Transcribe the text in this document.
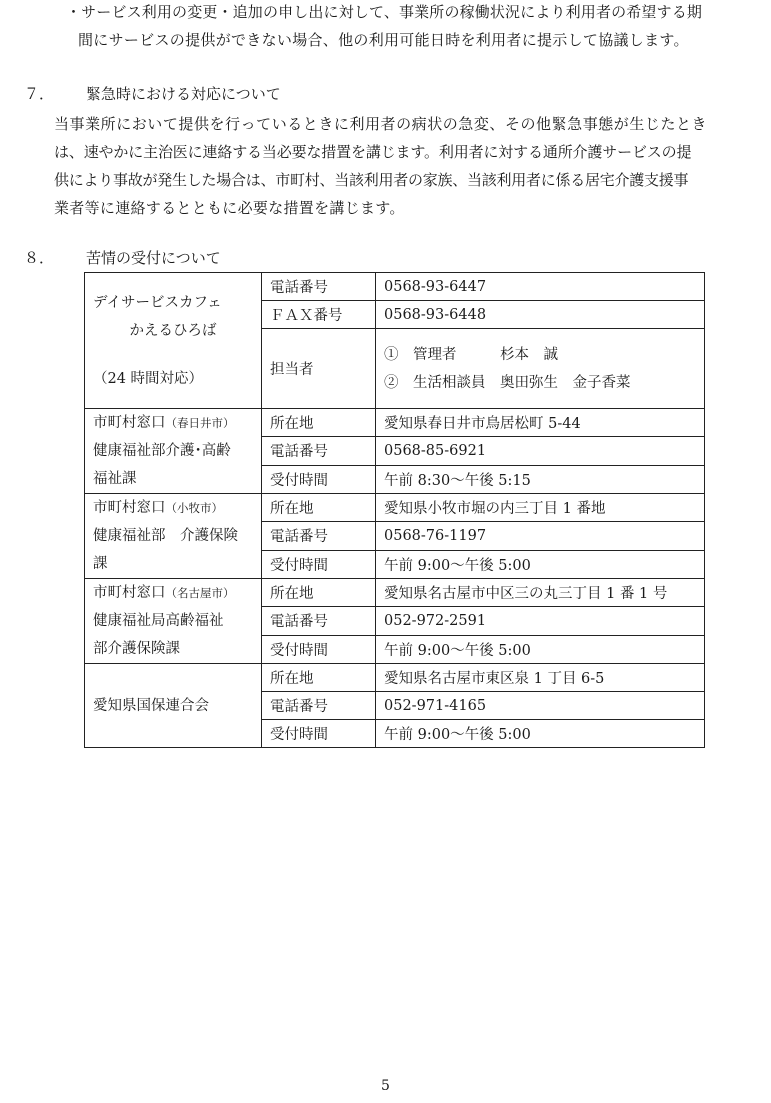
・サービス利用の変更・追加の申し出に対して、事業所の稼働状況により利用者の希望する期
間にサービスの提供ができない場合、他の利用可能日時を利用者に提示して協議します。
７． 緊急時における対応について
当事業所において提供を行っているときに利用者の病状の急変、その他緊急事態が生じたとき
は、速やかに主治医に連絡する当必要な措置を講じます。利用者に対する通所介護サービスの提
供により事故が発生した場合は、市町村、当該利用者の家族、当該利用者に係る居宅介護支援事
業者等に連絡するとともに必要な措置を講じます。
８． 苦情の受付について
デイサービスカフェ

かえるひろば
（24 時間対応）	電話番号	0568-93-6447
	ＦＡＸ番号	0568-93-6448
	担当者	①　管理者　　　杉本　誠
②　生活相談員　奥田弥生　金子香菜

市町村窓口（春日井市）
健康福祉部介護･高齢
福祉課	所在地	愛知県春日井市鳥居松町 5-44
	電話番号	0568-85-6921
	受付時間	午前 8:30～午後 5:15
市町村窓口（小牧市）
健康福祉部　介護保険
課	所在地	愛知県小牧市堀の内三丁目 1 番地
	電話番号	0568-76-1197
	受付時間	午前 9:00～午後 5:00
市町村窓口（名古屋市）
健康福祉局高齢福祉
部介護保険課	所在地	愛知県名古屋市中区三の丸三丁目 1 番 1 号
	電話番号	052-972-2591
	受付時間	午前 9:00～午後 5:00
愛知県国保連合会	所在地	愛知県名古屋市東区泉 1 丁目 6-5
	電話番号	052-971-4165
	受付時間	午前 9:00～午後 5:00
5
